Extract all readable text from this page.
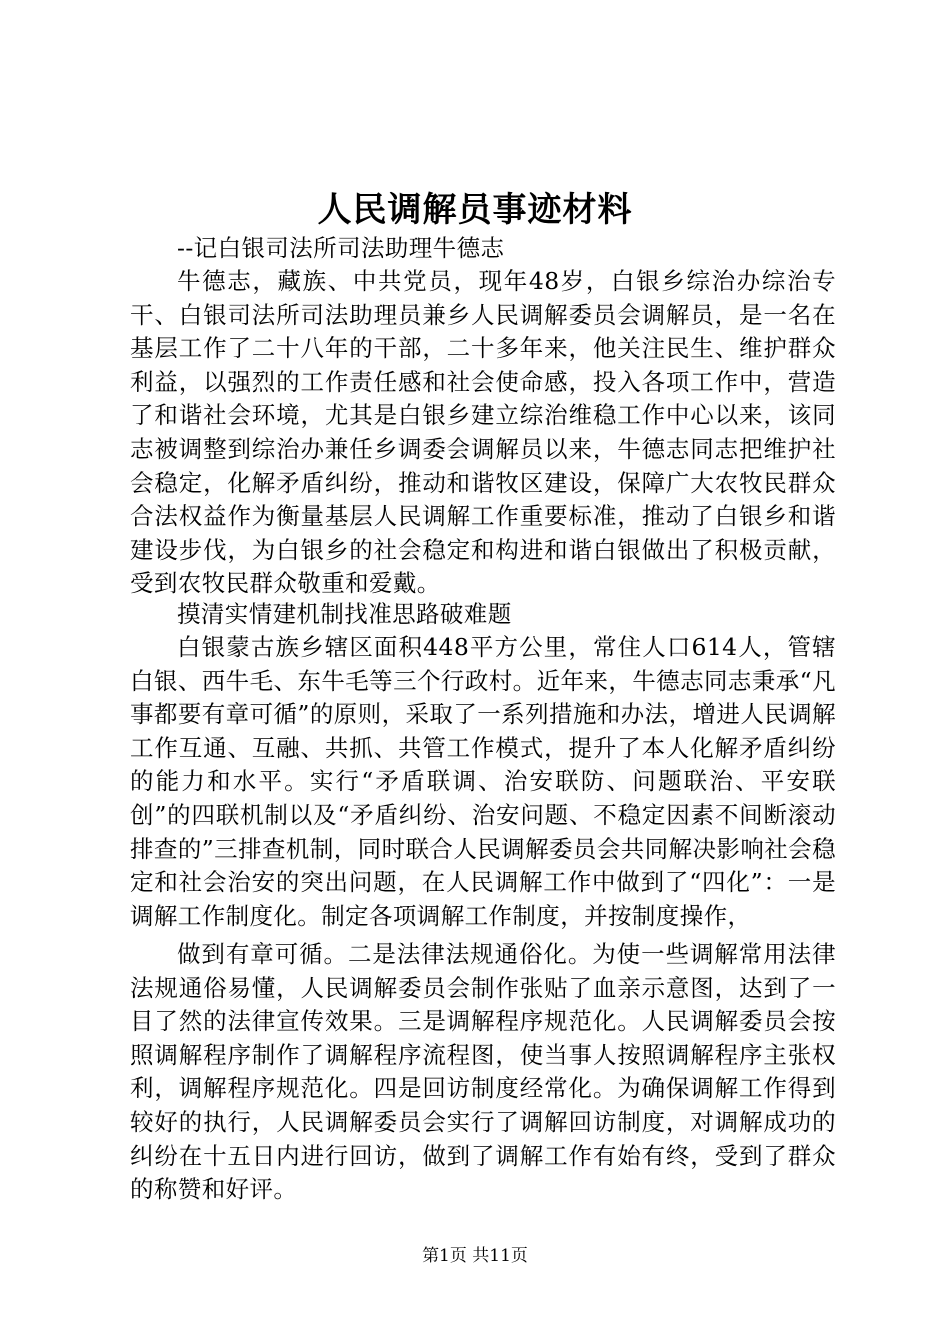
人民调解员事迹材料

--记白银司法所司法助理牛德志

牛德志，藏族、中共党员，现年48岁，白银乡综治办综治专干、白银司法所司法助理员兼乡人民调解委员会调解员，是一名在基层工作了二十八年的干部，二十多年来，他关注民生、维护群众利益，以强烈的工作责任感和社会使命感，投入各项工作中，营造了和谐社会环境，尤其是白银乡建立综治维稳工作中心以来，该同志被调整到综治办兼任乡调委会调解员以来，牛德志同志把维护社会稳定，化解矛盾纠纷，推动和谐牧区建设，保障广大农牧民群众合法权益作为衡量基层人民调解工作重要标准，推动了白银乡和谐建设步伐，为白银乡的社会稳定和构进和谐白银做出了积极贡献，受到农牧民群众敬重和爱戴。

摸清实情建机制找准思路破难题

白银蒙古族乡辖区面积448平方公里，常住人口614人，管辖白银、西牛毛、东牛毛等三个行政村。近年来，牛德志同志秉承“凡事都要有章可循”的原则，采取了一系列措施和办法，增进人民调解工作互通、互融、共抓、共管工作模式，提升了本人化解矛盾纠纷的能力和水平。实行“矛盾联调、治安联防、问题联治、平安联创”的四联机制以及“矛盾纠纷、治安问题、不稳定因素不间断滚动排查的”三排查机制，同时联合人民调解委员会共同解决影响社会稳定和社会治安的突出问题，在人民调解工作中做到了“四化”：一是调解工作制度化。制定各项调解工作制度，并按制度操作，

做到有章可循。二是法律法规通俗化。为使一些调解常用法律法规通俗易懂，人民调解委员会制作张贴了血亲示意图，达到了一目了然的法律宣传效果。三是调解程序规范化。人民调解委员会按照调解程序制作了调解程序流程图，使当事人按照调解程序主张权利，调解程序规范化。四是回访制度经常化。为确保调解工作得到较好的执行，人民调解委员会实行了调解回访制度，对调解成功的纠纷在十五日内进行回访，做到了调解工作有始有终，受到了群众的称赞和好评。

第1页 共11页
